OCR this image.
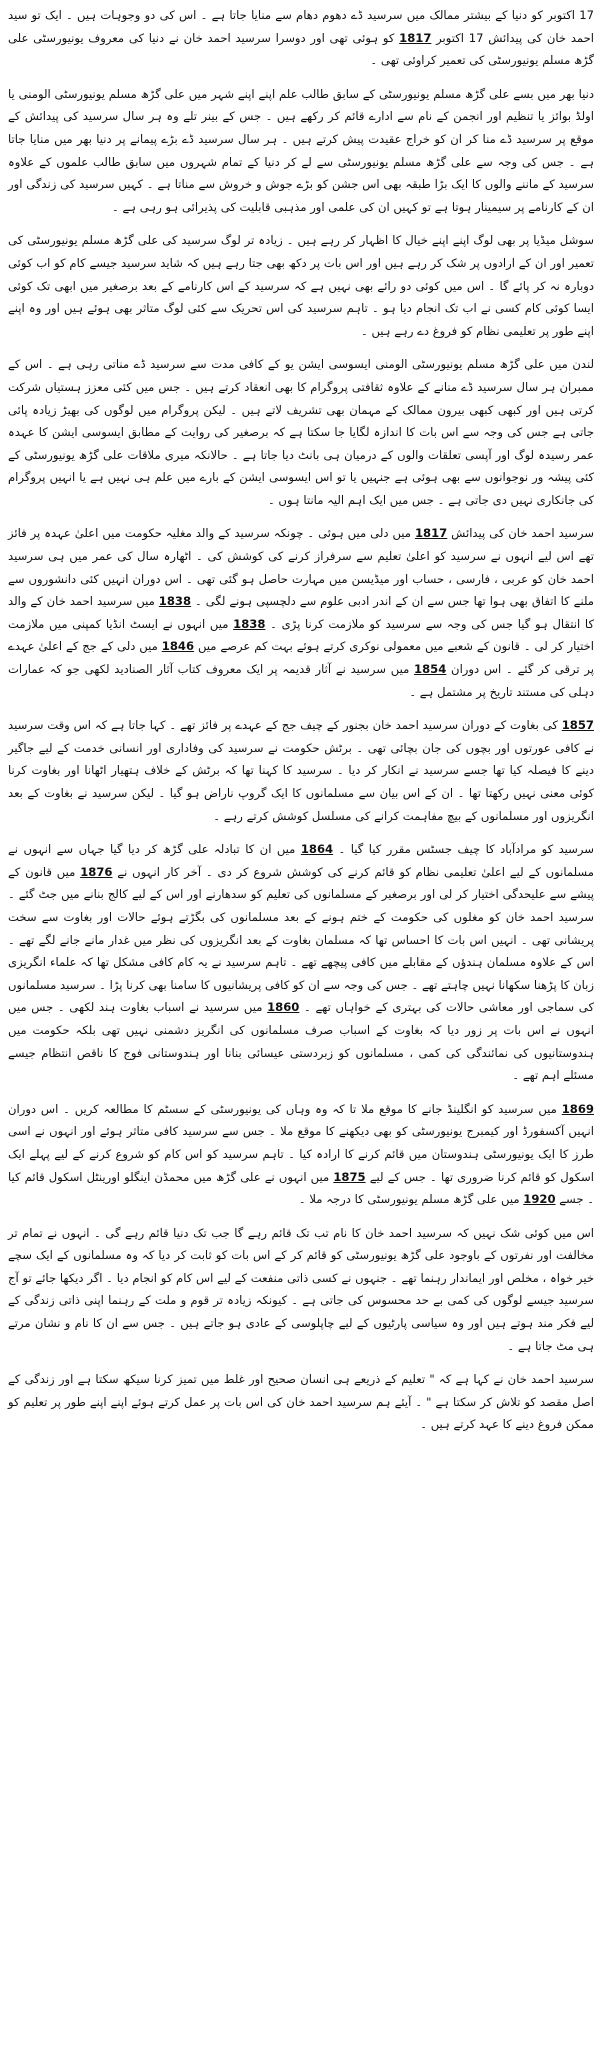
17 اکتوبر کو دنیا کے بیشتر ممالک میں سرسید ڈے دھوم دھام سے منایا جاتا ہے ۔ اس کی دو وجوہات ہیں ۔ ایک تو سید احمد خان کی پیدائش 17 اکتوبر 1817 کو ہوئی تھی اور دوسرا سرسید احمد خان نے دنیا کی معروف یونیورسٹی علی گڑھ مسلم یونیورسٹی کی تعمیر کراوئی تھی ۔

دنیا بھر میں بسے علی گڑھ مسلم یونیورسٹی کے سابق طالب علم اپنے اپنے شہر میں علی گڑھ مسلم یونیورسٹی الومنی یا اولڈ بوائز یا تنظیم اور انجمن کے نام سے ادارے قائم کر رکھے ہیں ۔ جس کے بینر تلے وہ ہر سال سرسید کی پیدائش کے موقع پر سرسید ڈے منا کر ان کو خراج عقیدت پیش کرتے ہیں ۔ ہر سال سرسید ڈے بڑے پیمانے پر دنیا بھر میں منایا جاتا ہے ۔ جس کی وجہ سے علی گڑھ مسلم یونیورسٹی سے لے کر دنیا کے تمام شہروں میں سابق طالب علموں کے علاوہ سرسید کے ماننے والوں کا ایک بڑا طبقہ بھی اس جشن کو بڑے جوش و خروش سے مناتا ہے ۔ کہیں سرسید کی زندگی اور ان کے کارنامے پر سیمینار ہوتا ہے تو کہیں ان کی علمی اور مذہبی قابلیت کی پذیرائی ہو رہی ہے ۔

سوشل میڈیا پر بھی لوگ اپنے اپنے خیال کا اظہار کر رہے ہیں ۔ زیادہ تر لوگ سرسید کی علی گڑھ مسلم یونیورسٹی کی تعمیر اور ان کے ارادوں پر شک کر رہے ہیں اور اس بات پر دکھ بھی جتا رہے ہیں کہ شاید سرسید جیسے کام کو اب کوئی دوبارہ نہ کر پائے گا ۔ اس میں کوئی دو رائے بھی نہیں ہے کہ سرسید کے اس کارنامے کے بعد برصغیر میں ابھی تک کوئی ایسا کوئی کام کسی نے اب تک انجام دیا ہو ۔ تاہم سرسید کی اس تحریک سے کئی لوگ متاثر بھی ہوئے ہیں اور وہ اپنے اپنے طور پر تعلیمی نظام کو فروغ دے رہے ہیں ۔

لندن میں علی گڑھ مسلم یونیورسٹی الومنی ایسوسی ایشن یو کے کافی مدت سے سرسید ڈے مناتی رہی ہے ۔ اس کے ممبران ہر سال سرسید ڈے منانے کے علاوہ ثقافتی پروگرام کا بھی انعقاد کرتے ہیں ۔ جس میں کئی معزز ہستیاں شرکت کرتی ہیں اور کبھی کبھی بیرون ممالک کے مہمان بھی تشریف لاتے ہیں ۔ لیکن پروگرام میں لوگوں کی بھیڑ زیادہ پائی جاتی ہے جس کی وجہ سے اس بات کا اندازہ لگایا جا سکتا ہے کہ برصغیر کی روایت کے مطابق ایسوسی ایشن کا عہدہ عمر رسیدہ لوگ اور آپسی تعلقات والوں کے درمیان ہی بانٹ دیا جاتا ہے ۔ حالانکہ میری ملاقات علی گڑھ یونیورسٹی کے کئی پیشہ ور نوجوانوں سے بھی ہوئی ہے جنہیں یا تو اس ایسوسی ایشن کے بارے میں علم ہی نہیں ہے یا انہیں پروگرام کی جانکاری نہیں دی جاتی ہے ۔ جس میں ایک اہم الیہ مانتا ہوں ۔

سرسید احمد خان کی پیدائش 1817 میں دلی میں ہوئی ۔ چونکہ سرسید کے والد مغلیہ حکومت میں اعلیٰ عہدہ پر فائز تھے اس لیے انہوں نے سرسید کو اعلیٰ تعلیم سے سرفراز کرنے کی کوشش کی ۔ اٹھارہ سال کی عمر میں ہی سرسید احمد خان کو عربی ، فارسی ، حساب اور میڈیسن میں مہارت حاصل ہو گئی تھی ۔ اس دوران انہیں کئی دانشوروں سے ملنے کا اتفاق بھی ہوا تھا جس سے ان کے اندر ادبی علوم سے دلچسپی ہونے لگی ۔ 1838 میں سرسید احمد خان کے والد کا انتقال ہو گیا جس کی وجہ سے سرسید کو ملازمت کرنا پڑی ۔ 1838 میں انہوں نے ایسٹ انڈیا کمپنی میں ملازمت اختیار کر لی ۔ قانون کے شعبے میں معمولی نوکری کرتے ہوئے بہت کم عرصے میں 1846 میں دلی کے جج کے اعلیٰ عہدے پر ترقی کر گئے ۔ اس دوران 1854 میں سرسید نے آثار قدیمہ پر ایک معروف کتاب آثار الصنادید لکھی جو کہ عمارات دہلی کی مستند تاریخ پر مشتمل ہے ۔

1857 کی بغاوت کے دوران سرسید احمد خان بجنور کے چیف جج کے عہدے پر فائز تھے ۔ کہا جاتا ہے کہ اس وقت سرسید نے کافی عورتوں اور بچوں کی جان بچائی تھی ۔ برٹش حکومت نے سرسید کی وفاداری اور انسانی خدمت کے لیے جاگیر دینے کا فیصلہ کیا تھا جسے سرسید نے انکار کر دیا ۔ سرسید کا کہنا تھا کہ برٹش کے خلاف ہتھیار اٹھانا اور بغاوت کرنا کوئی معنی نہیں رکھتا تھا ۔ ان کے اس بیان سے مسلمانوں کا ایک گروپ ناراض ہو گیا ۔ لیکن سرسید نے بغاوت کے بعد انگریزوں اور مسلمانوں کے بیچ مفاہمت کرانے کی مسلسل کوشش کرتے رہے ۔

سرسید کو مرادآباد کا چیف جسٹس مقرر کیا گیا ۔ 1864 میں ان کا تبادلہ علی گڑھ کر دیا گیا جہاں سے انہوں نے مسلمانوں کے لیے اعلیٰ تعلیمی نظام کو قائم کرنے کی کوشش شروع کر دی ۔ آخر کار انہوں نے 1876 میں قانون کے پیشے سے علیحدگی اختیار کر لی اور برصغیر کے مسلمانوں کی تعلیم کو سدھارنے اور اس کے لیے کالج بنانے میں جٹ گئے ۔ سرسید احمد خان کو مغلوں کی حکومت کے ختم ہونے کے بعد مسلمانوں کی بگڑتے ہوئے حالات اور بغاوت سے سخت پریشانی تھی ۔ انہیں اس بات کا احساس تھا کہ مسلمان بغاوت کے بعد انگریزوں کی نظر میں غدار مانے جانے لگے تھے ۔ اس کے علاوہ مسلمان ہندؤں کے مقابلے میں کافی پیچھے تھے ۔ تاہم سرسید نے یہ کام کافی مشکل تھا کہ علماء انگریزی زبان کا پڑھنا سکھانا نہیں چاہتے تھے ۔ جس کی وجہ سے ان کو کافی پریشانیوں کا سامنا بھی کرنا پڑا ۔ سرسید مسلمانوں کی سماجی اور معاشی حالات کی بہتری کے خواہاں تھے ۔ 1860 میں سرسید نے اسباب بغاوت ہند لکھی ۔ جس میں انہوں نے اس بات پر زور دیا کہ بغاوت کے اسباب صرف مسلمانوں کی انگریز دشمنی نہیں تھی بلکہ حکومت میں ہندوستانیوں کی نمائندگی کی کمی ، مسلمانوں کو زبردستی عیسائی بنانا اور ہندوستانی فوج کا ناقص انتظام جیسے مسئلے اہم تھے ۔

1869 میں سرسید کو انگلینڈ جانے کا موقع ملا تا کہ وہ وہاں کی یونیورسٹی کے سسٹم کا مطالعہ کریں ۔ اس دوران انہیں آکسفورڈ اور کیمبرج یونیورسٹی کو بھی دیکھنے کا موقع ملا ۔ جس سے سرسید کافی متاثر ہوئے اور انہوں نے اسی طرز کا ایک یونیورسٹی ہندوستان میں قائم کرنے کا ارادہ کیا ۔ تاہم سرسید کو اس کام کو شروع کرنے کے لیے پہلے ایک اسکول کو قائم کرنا ضروری تھا ۔ جس کے لیے 1875 میں انہوں نے علی گڑھ میں محمڈن اینگلو اورینٹل اسکول قائم کیا ۔ جسے 1920 میں علی گڑھ مسلم یونیورسٹی کا درجہ ملا ۔

اس میں کوئی شک نہیں کہ سرسید احمد خان کا نام تب تک قائم رہے گا جب تک دنیا قائم رہے گی ۔ انہوں نے تمام تر مخالفت اور نفرتوں کے باوجود علی گڑھ یونیورسٹی کو قائم کر کے اس بات کو ثابت کر دیا کہ وہ مسلمانوں کے ایک سچے خیر خواہ ، مخلص اور ایماندار رہنما تھے ۔ جنہوں نے کسی ذاتی منفعت کے لیے اس کام کو انجام دیا ۔ اگر دیکھا جائے تو آج سرسید جیسے لوگوں کی کمی بے حد محسوس کی جاتی ہے ۔ کیونکہ زیادہ تر قوم و ملت کے رہنما اپنی ذاتی زندگی کے لیے فکر مند ہوتے ہیں اور وہ سیاسی پارٹیوں کے لیے چاپلوسی کے عادی ہو جاتے ہیں ۔ جس سے ان کا نام و نشان مرتے ہی مٹ جاتا ہے ۔

سرسید احمد خان نے کہا ہے کہ " تعلیم کے ذریعے ہی انسان صحیح اور غلط میں تمیز کرنا سیکھ سکتا ہے اور زندگی کے اصل مقصد کو تلاش کر سکتا ہے " ۔ آیئے ہم سرسید احمد خان کی اس بات پر عمل کرتے ہوئے اپنے اپنے طور پر تعلیم کو ممکن فروغ دینے کا عہد کرتے ہیں ۔
